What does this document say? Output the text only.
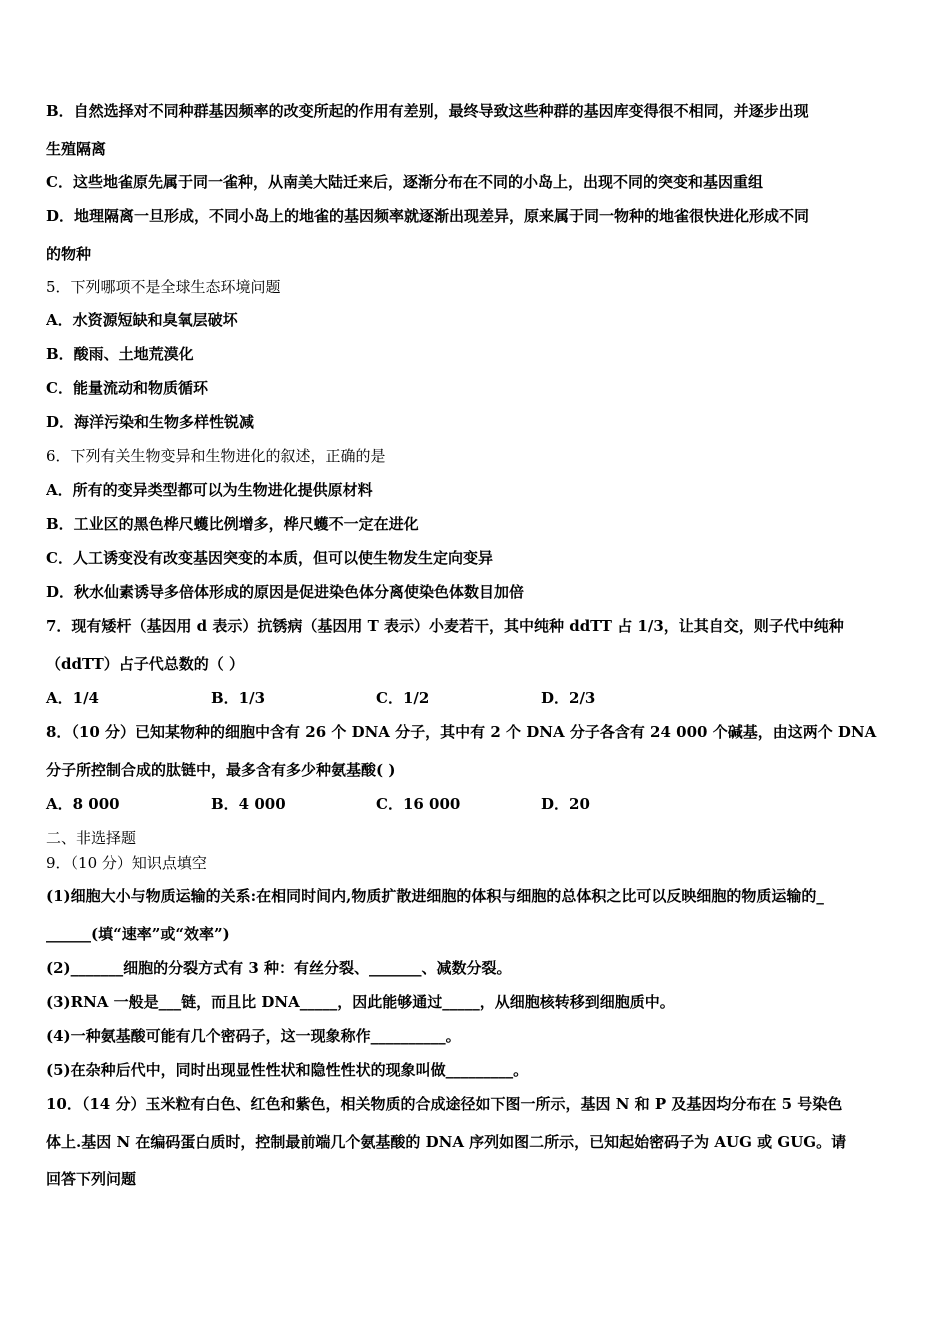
B．自然选择对不同种群基因频率的改变所起的作用有差别，最终导致这些种群的基因库变得很不相同，并逐步出现
生殖隔离
C．这些地雀原先属于同一雀种，从南美大陆迁来后，逐渐分布在不同的小岛上，出现不同的突变和基因重组
D．地理隔离一旦形成，不同小岛上的地雀的基因频率就逐渐出现差异，原来属于同一物种的地雀很快进化形成不同
的物种
5．下列哪项不是全球生态环境问题
A．水资源短缺和臭氧层破坏
B．酸雨、土地荒漠化
C．能量流动和物质循环
D．海洋污染和生物多样性锐减
6．下列有关生物变异和生物进化的叙述，正确的是
A．所有的变异类型都可以为生物进化提供原材料
B．工业区的黑色桦尺蠖比例增多，桦尺蠖不一定在进化
C．人工诱变没有改变基因突变的本质，但可以使生物发生定向变异
D．秋水仙素诱导多倍体形成的原因是促进染色体分离使染色体数目加倍
7．现有矮杆（基因用 d 表示）抗锈病（基因用 T 表示）小麦若干，其中纯种 ddTT 占 1/3，让其自交，则子代中纯种
（ddTT）占子代总数的（ ）
A．1/4	B．1/3	C．1/2	D．2/3
8．（10 分）已知某物种的细胞中含有 26 个 DNA 分子，其中有 2 个 DNA 分子各含有 24 000 个碱基，由这两个 DNA
分子所控制合成的肽链中，最多含有多少种氨基酸( )
A．8 000	B．4 000	C．16 000	D．20
二、非选择题
9．（10 分）知识点填空
(1)细胞大小与物质运输的关系:在相同时间内,物质扩散进细胞的体积与细胞的总体积之比可以反映细胞的物质运输的_
______(填“速率”或“效率”)
(2)_______细胞的分裂方式有 3 种：有丝分裂、_______、减数分裂。
(3)RNA 一般是___链，而且比 DNA_____，因此能够通过_____，从细胞核转移到细胞质中。
(4)一种氨基酸可能有几个密码子，这一现象称作__________。
(5)在杂种后代中，同时出现显性性状和隐性性状的现象叫做_________。
10．（14 分）玉米粒有白色、红色和紫色，相关物质的合成途径如下图一所示，基因 N 和 P 及基因均分布在 5 号染色
体上.基因 N 在编码蛋白质时，控制最前端几个氨基酸的 DNA 序列如图二所示，已知起始密码子为 AUG 或 GUG。请
回答下列问题
